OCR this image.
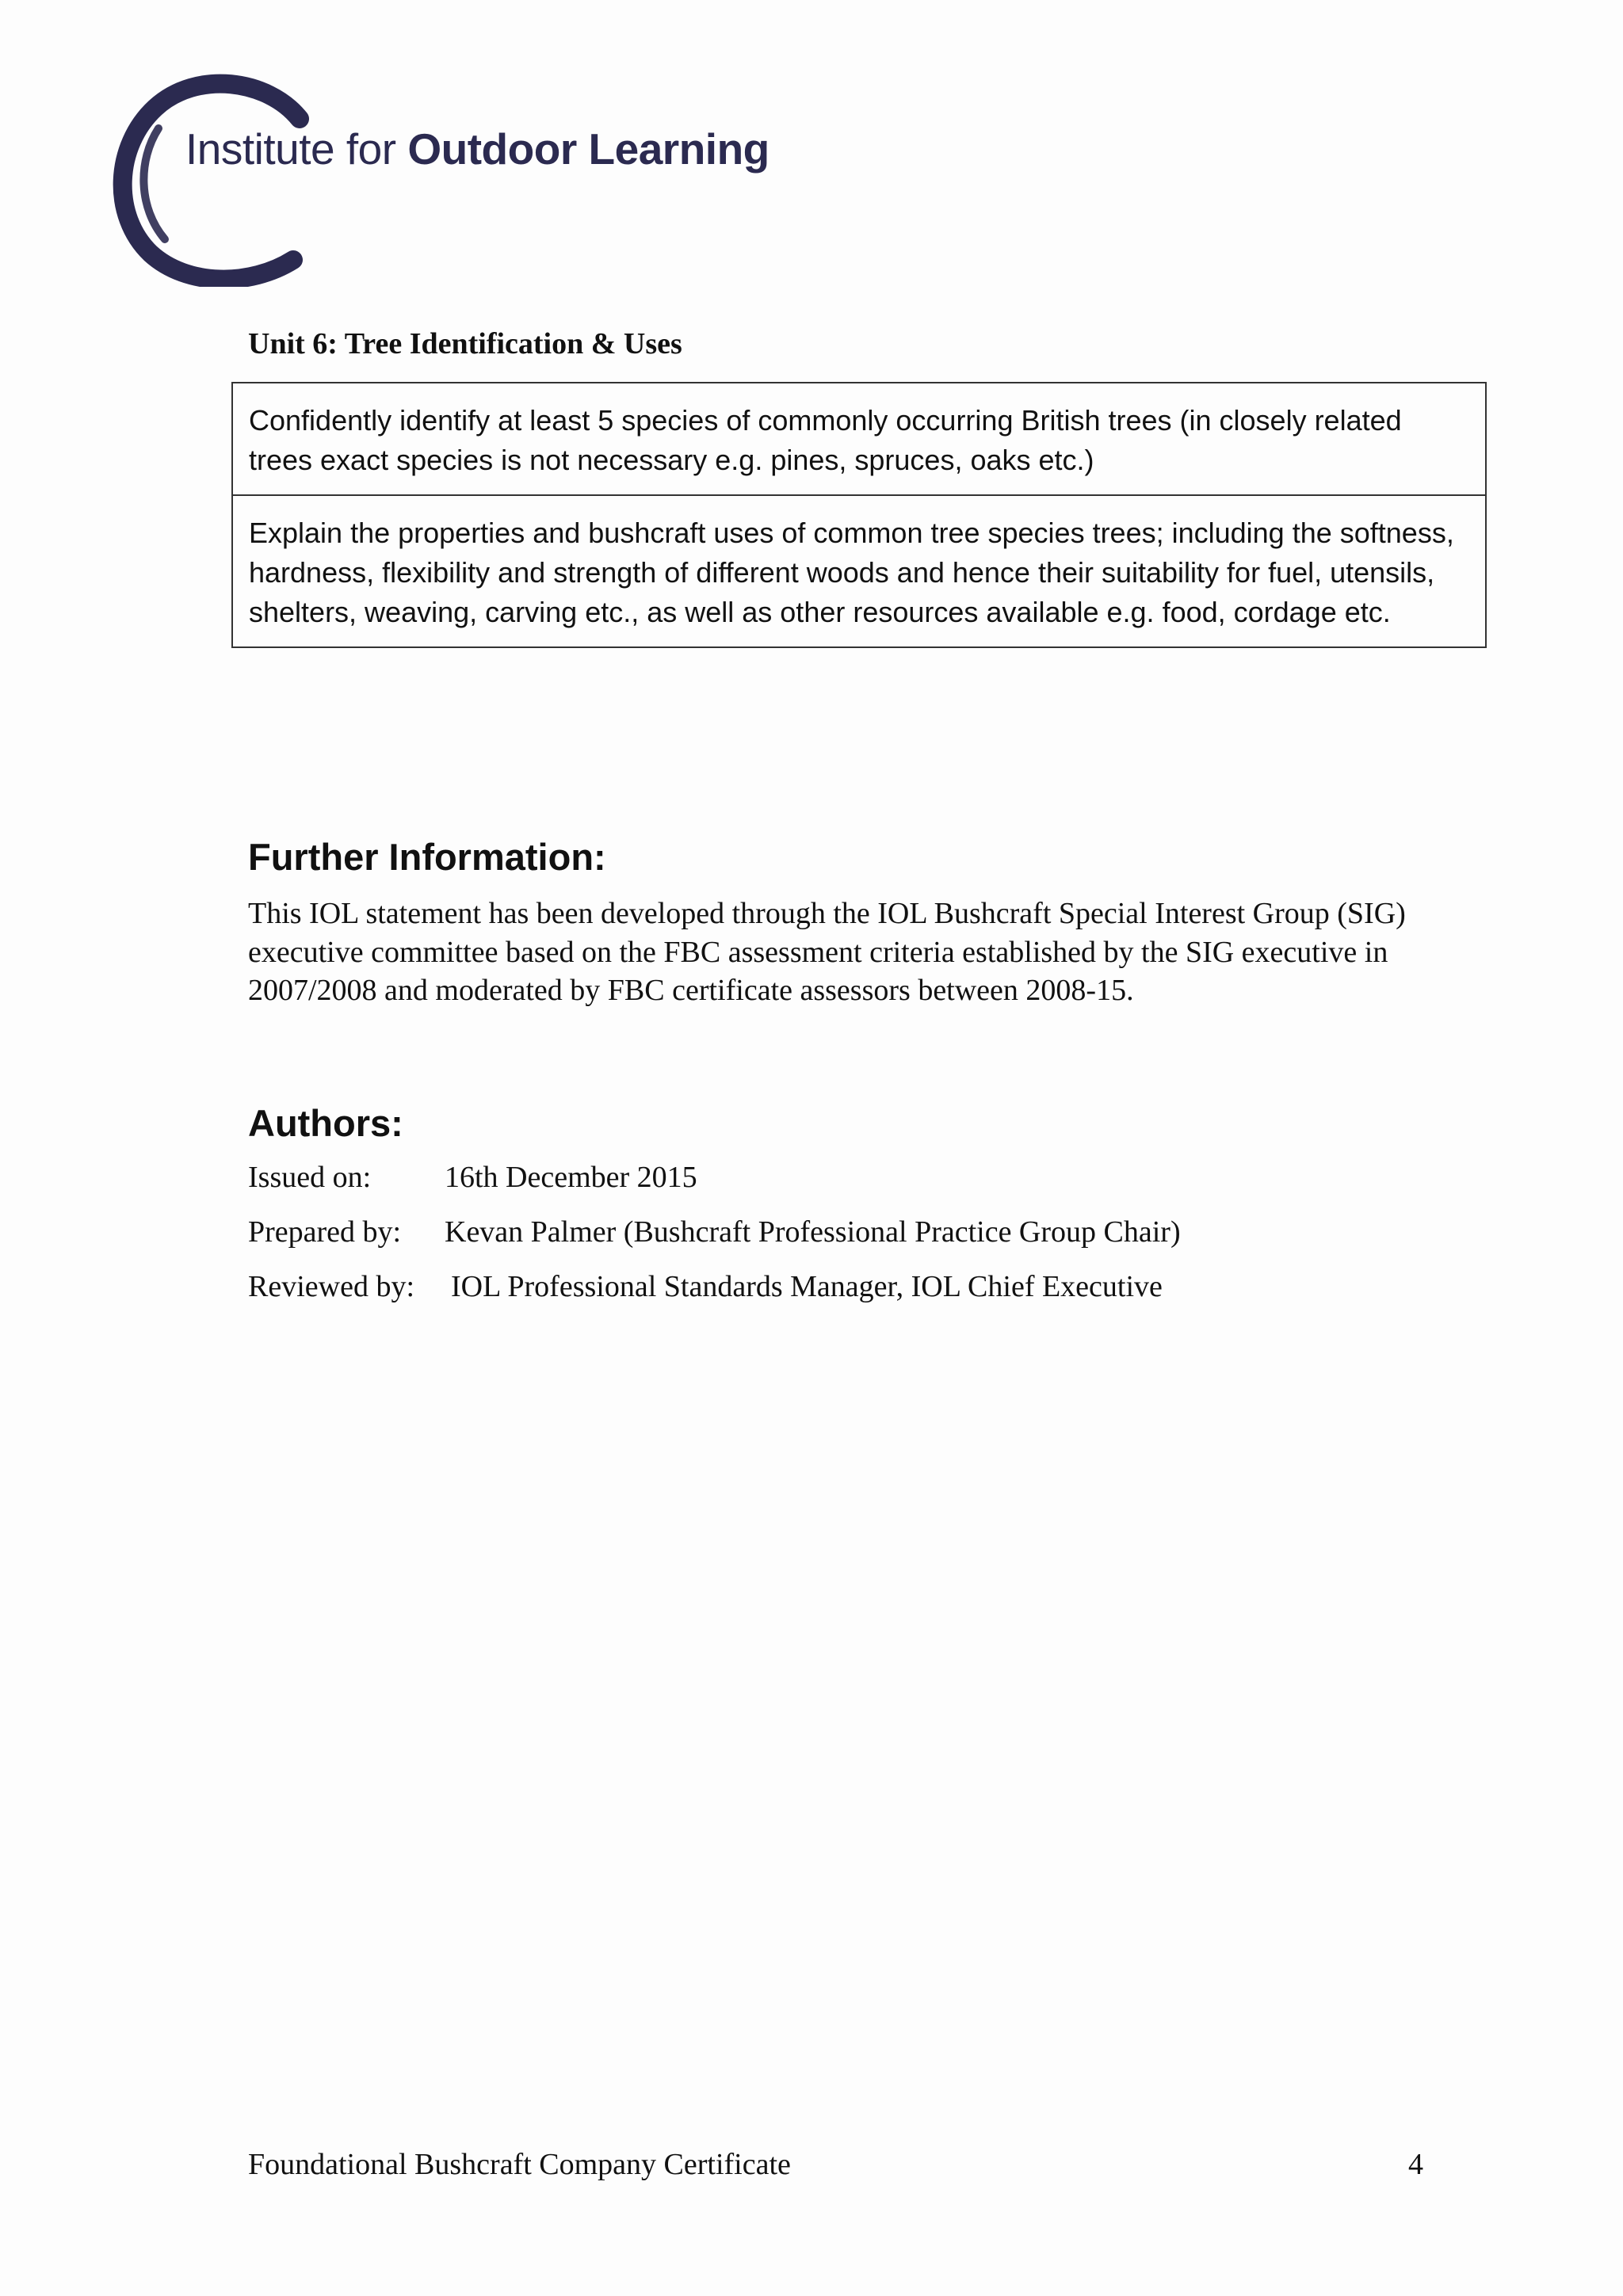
Institute for Outdoor Learning
Unit 6: Tree Identification & Uses
Confidently identify at least 5 species of commonly occurring British trees (in closely related trees exact species is not necessary e.g. pines, spruces, oaks etc.)
Explain the properties and bushcraft uses of common tree species trees; including the softness, hardness, flexibility and strength of different woods and hence their suitability for fuel, utensils, shelters, weaving, carving etc., as well as other resources available e.g. food, cordage etc.
Further Information:
This IOL statement has been developed through the IOL Bushcraft Special Interest Group (SIG) executive committee based on the FBC assessment criteria established by the SIG executive in 2007/2008 and moderated by FBC certificate assessors between 2008-15.
Authors:
Issued on: 16th December 2015
Prepared by: Kevan Palmer (Bushcraft Professional Practice Group Chair)
Reviewed by: IOL Professional Standards Manager, IOL Chief Executive
Foundational Bushcraft Company Certificate	4
